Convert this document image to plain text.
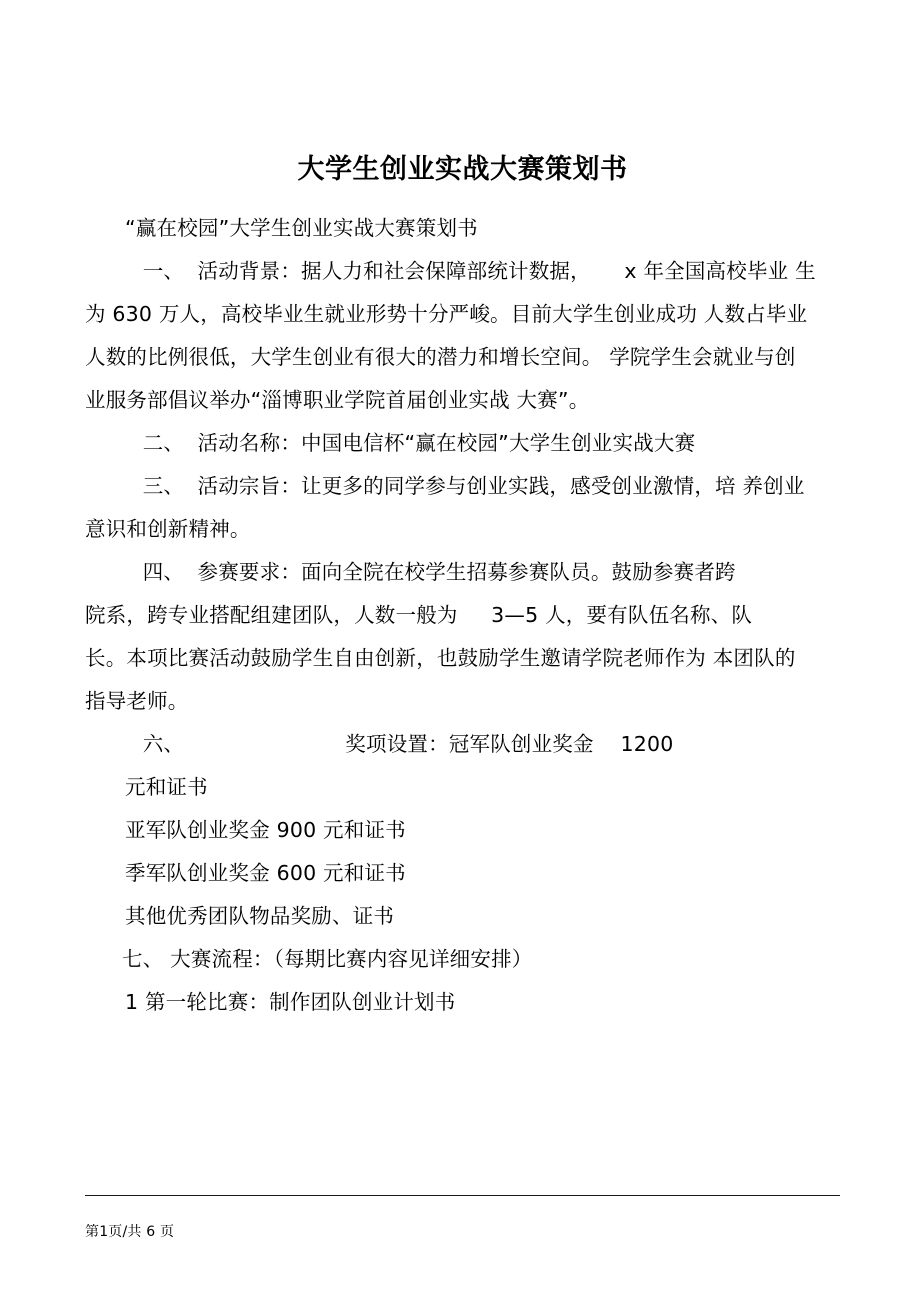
大学生创业实战大赛策划书
“赢在校园”大学生创业实战大赛策划书
　一、  活动背景：据人力和社会保障部统计数据，     x 年全国高校毕业 生
为 630 万人，高校毕业生就业形势十分严峻。目前大学生创业成功 人数占毕业
人数的比例很低，大学生创业有很大的潜力和增长空间。 学院学生会就业与创
业服务部倡议举办“淄博职业学院首届创业实战 大赛”。
　二、  活动名称：中国电信杯“赢在校园”大学生创业实战大赛
　三、  活动宗旨：让更多的同学参与创业实践，感受创业激情，培 养创业
意识和创新精神。
　四、  参赛要求：面向全院在校学生招募参赛队员。鼓励参赛者跨
院系，跨专业搭配组建团队，人数一般为     3—5 人，要有队伍名称、队
长。本项比赛活动鼓励学生自由创新，也鼓励学生邀请学院老师作为 本团队的
指导老师。
　六、                        奖项设置：冠军队创业奖金    1200
元和证书
亚军队创业奖金 900 元和证书
季军队创业奖金 600 元和证书
其他优秀团队物品奖励、证书
七、 大赛流程：（每期比赛内容见详细安排）
1 第一轮比赛：制作团队创业计划书
第1页/共 6 页
